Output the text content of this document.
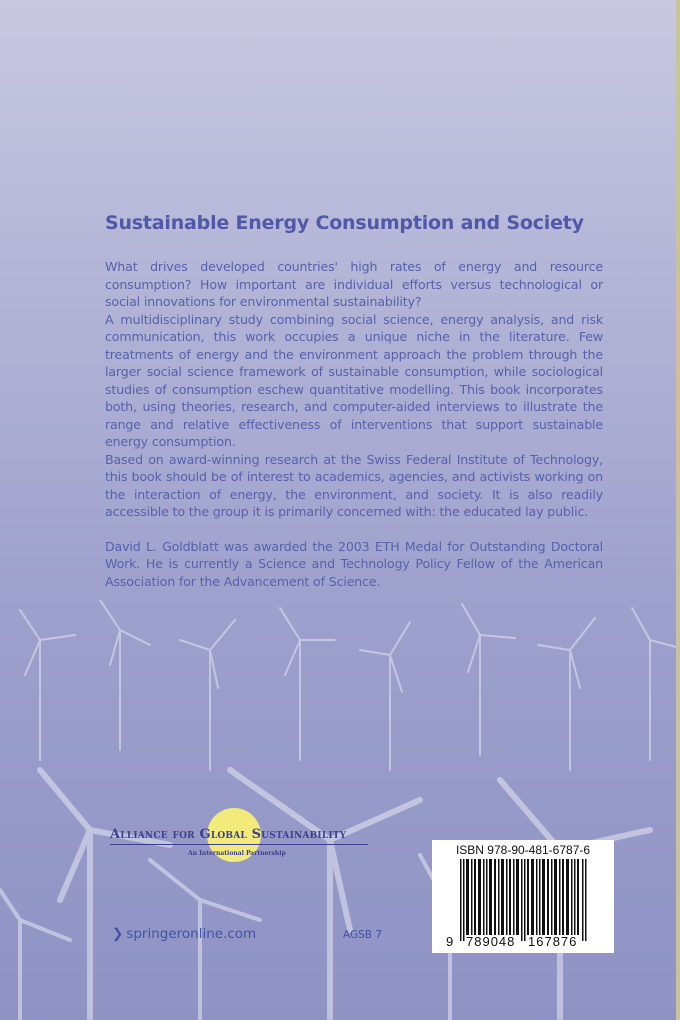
Sustainable Energy Consumption and Society

What drives developed countries' high rates of energy and resource consumption? How important are individual efforts versus technological or social innovations for environmental sustainability?

A multidisciplinary study combining social science, energy analysis, and risk communication, this work occupies a unique niche in the literature. Few treatments of energy and the environment approach the problem through the larger social science framework of sustainable consumption, while sociological studies of consumption eschew quantitative modelling. This book incorporates both, using theories, research, and computer-aided interviews to illustrate the range and relative effectiveness of interventions that support sustainable energy consumption.

Based on award-winning research at the Swiss Federal Institute of Technology, this book should be of interest to academics, agencies, and activists working on the interaction of energy, the environment, and society. It is also readily accessible to the group it is primarily concerned with: the educated lay public.

David L. Goldblatt was awarded the 2003 ETH Medal for Outstanding Doctoral Work. He is currently a Science and Technology Policy Fellow of the American Association for the Advancement of Science.

Alliance for Global Sustainability
An International Partnership
❯ springeronline.com	AGSB 7
ISBN 978-90-481-6787-6
9 789048 167876
